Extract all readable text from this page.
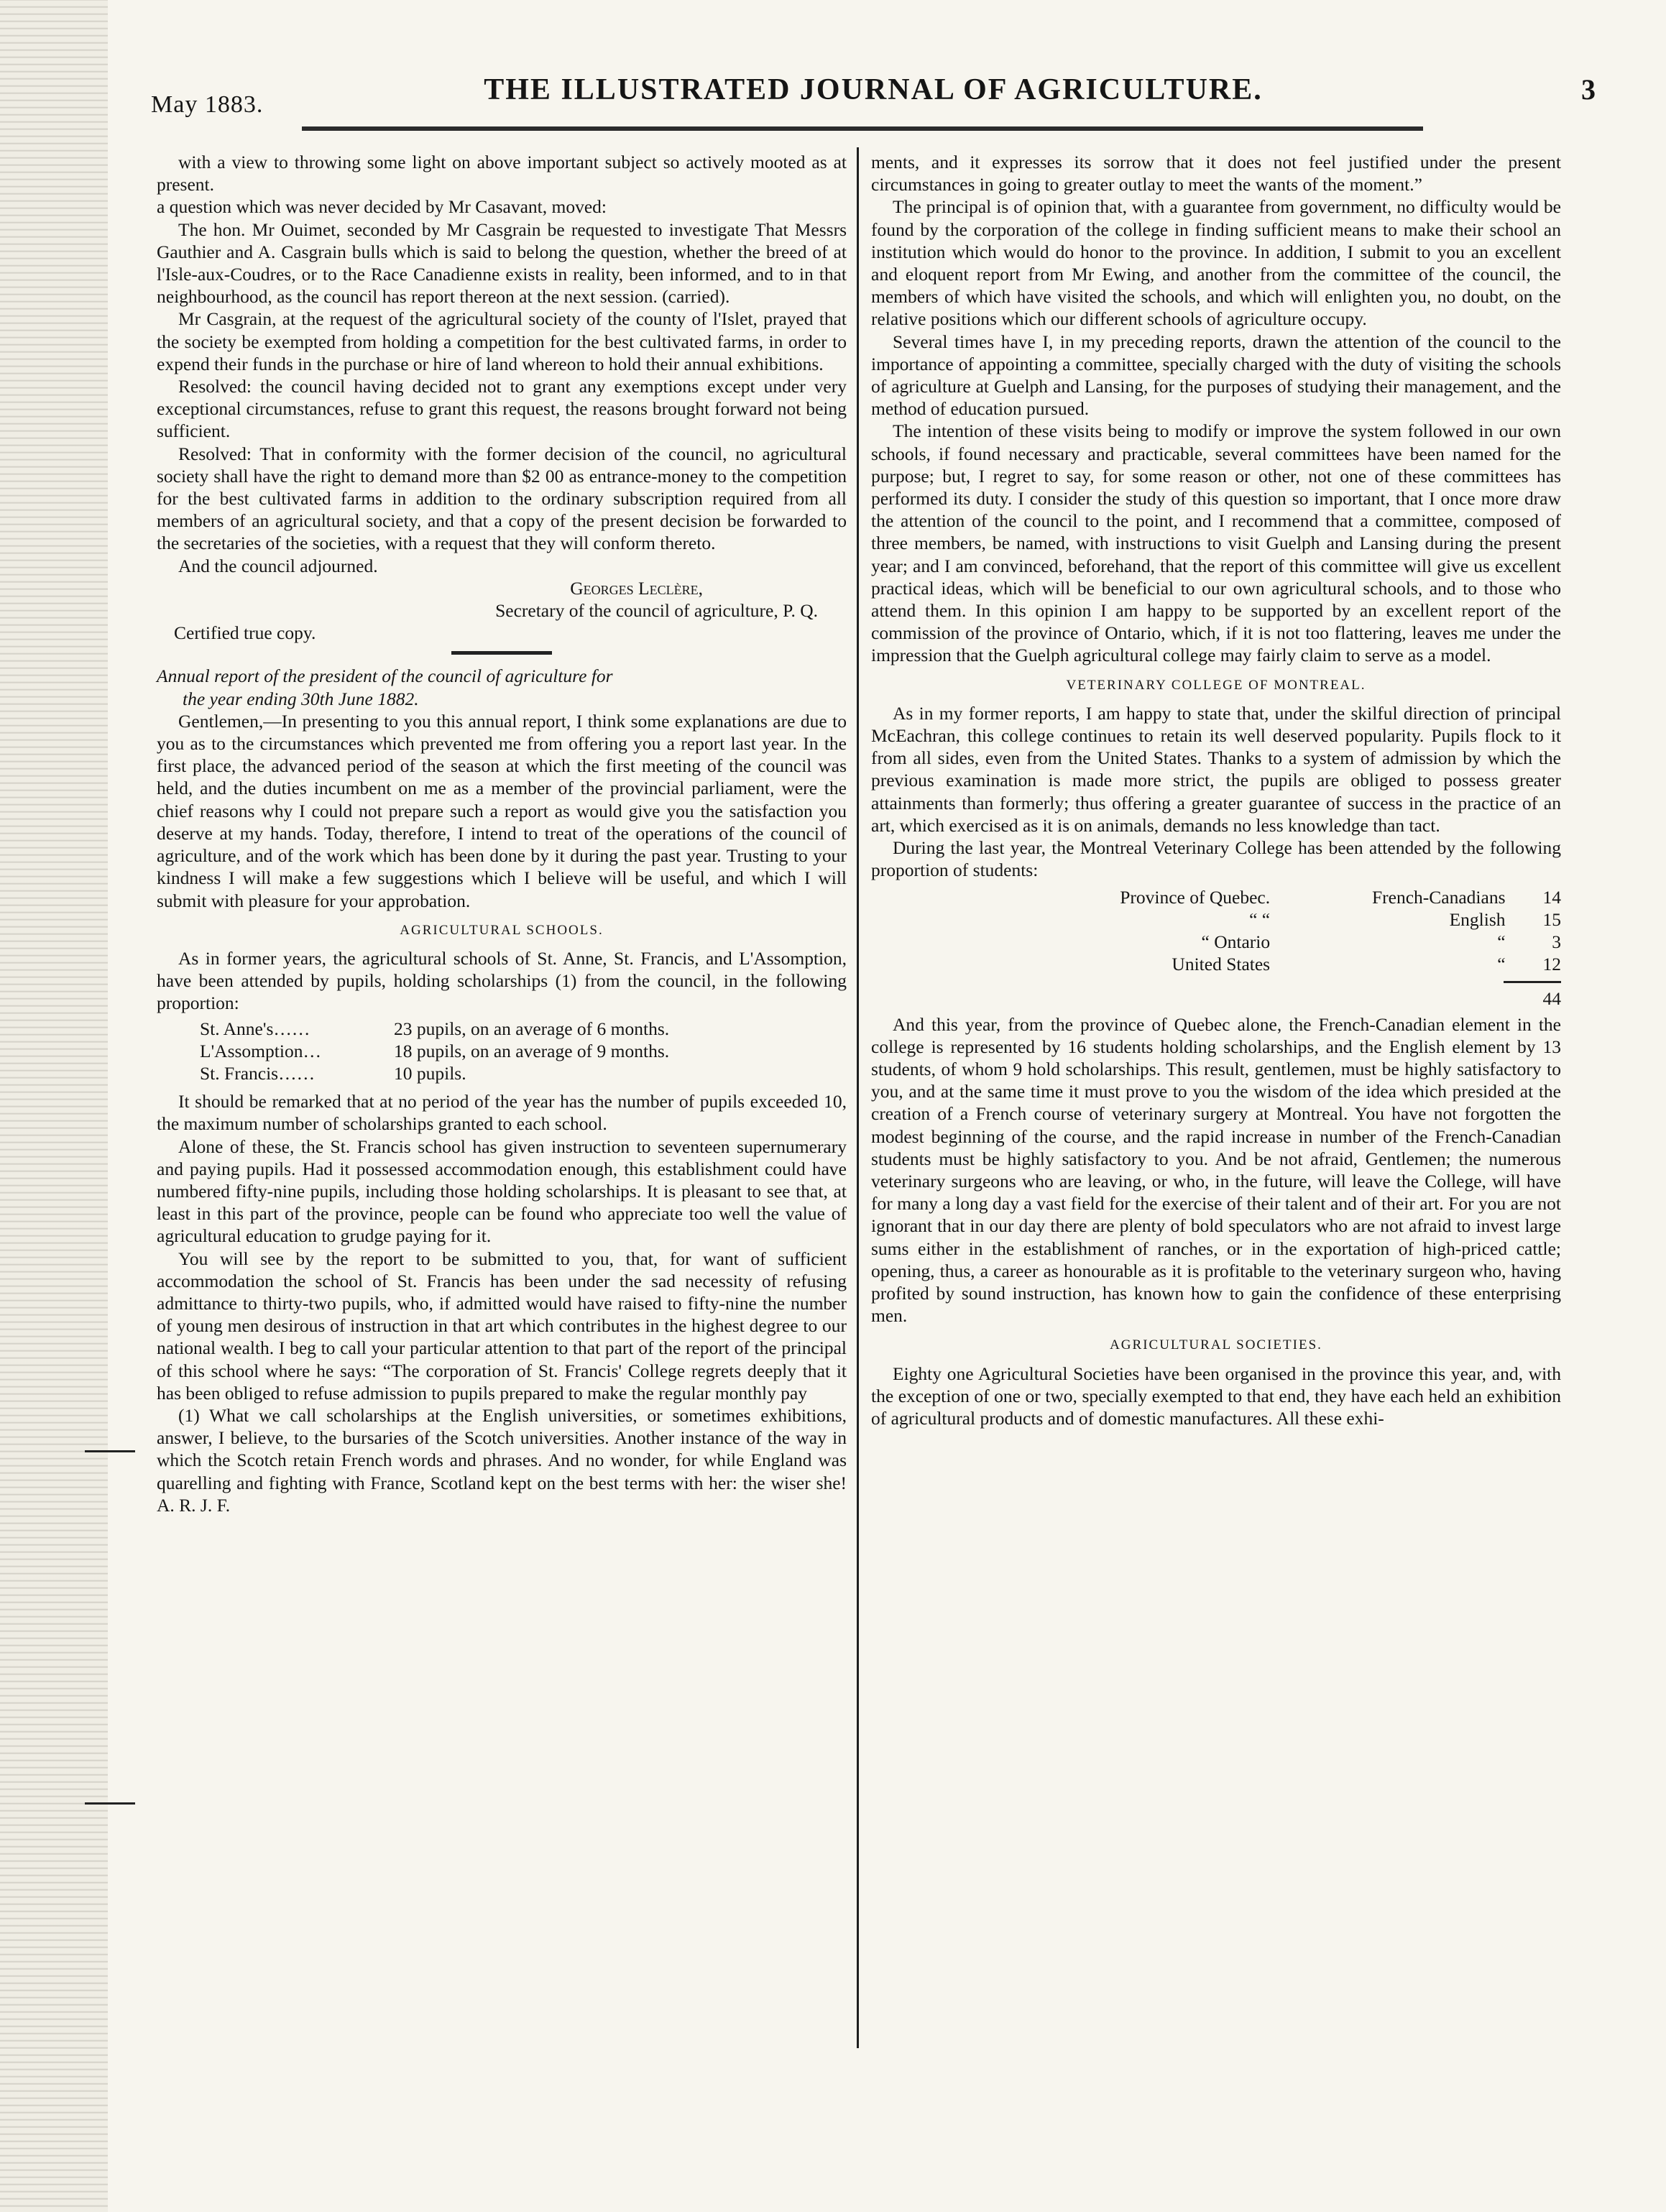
May 1883.	THE ILLUSTRATED JOURNAL OF AGRICULTURE.	3

with a view to throwing some light on above important subject so actively mooted as at present.

a question which was never decided by Mr Casavant, moved:

The hon. Mr Ouimet, seconded by Mr Casgrain be requested to investigate That Messrs Gauthier and A. Casgrain bulls which is said to belong the question, whether the breed of at l'Isle-aux-Coudres, or to the Race Canadienne exists in reality, been informed, and to in that neighbourhood, as the council has report thereon at the next session. (carried).

Mr Casgrain, at the request of the agricultural society of the county of l'Islet, prayed that the society be exempted from holding a competition for the best cultivated farms, in order to expend their funds in the purchase or hire of land whereon to hold their annual exhibitions.

Resolved: the council having decided not to grant any exemptions except under very exceptional circumstances, refuse to grant this request, the reasons brought forward not being sufficient.

Resolved: That in conformity with the former decision of the council, no agricultural society shall have the right to demand more than $2 00 as entrance-money to the competition for the best cultivated farms in addition to the ordinary subscription required from all members of an agricultural society, and that a copy of the present decision be forwarded to the secretaries of the societies, with a request that they will conform thereto.

And the council adjourned.

Georges Leclère,
Secretary of the council of agriculture, P. Q.
Certified true copy.
Annual report of the president of the council of agriculture for
the year ending 30th June 1882.

Gentlemen,—In presenting to you this annual report, I think some explanations are due to you as to the circumstances which prevented me from offering you a report last year. In the first place, the advanced period of the season at which the first meeting of the council was held, and the duties incumbent on me as a member of the provincial parliament, were the chief reasons why I could not prepare such a report as would give you the satisfaction you deserve at my hands. Today, therefore, I intend to treat of the operations of the council of agriculture, and of the work which has been done by it during the past year. Trusting to your kindness I will make a few suggestions which I believe will be useful, and which I will submit with pleasure for your approbation.

AGRICULTURAL SCHOOLS.

As in former years, the agricultural schools of St. Anne, St. Francis, and L'Assomption, have been attended by pupils, holding scholarships (1) from the council, in the following proportion:

St. Anne's……	23 pupils, on an average of 6 months.
L'Assomption…	18 pupils, on an average of 9 months.
St. Francis……	10 pupils.

It should be remarked that at no period of the year has the number of pupils exceeded 10, the maximum number of scholarships granted to each school.

Alone of these, the St. Francis school has given instruction to seventeen supernumerary and paying pupils. Had it possessed accommodation enough, this establishment could have numbered fifty-nine pupils, including those holding scholarships. It is pleasant to see that, at least in this part of the province, people can be found who appreciate too well the value of agricultural education to grudge paying for it.

You will see by the report to be submitted to you, that, for want of sufficient accommodation the school of St. Francis has been under the sad necessity of refusing admittance to thirty-two pupils, who, if admitted would have raised to fifty-nine the number of young men desirous of instruction in that art which contributes in the highest degree to our national wealth. I beg to call your particular attention to that part of the report of the principal of this school where he says: “The corporation of St. Francis' College regrets deeply that it has been obliged to refuse admission to pupils prepared to make the regular monthly pay

(1) What we call scholarships at the English universities, or sometimes exhibitions, answer, I believe, to the bursaries of the Scotch universities. Another instance of the way in which the Scotch retain French words and phrases. And no wonder, for while England was quarelling and fighting with France, Scotland kept on the best terms with her: the wiser she! A. R. J. F.

ments, and it expresses its sorrow that it does not feel justified under the present circumstances in going to greater outlay to meet the wants of the moment.”

The principal is of opinion that, with a guarantee from government, no difficulty would be found by the corporation of the college in finding sufficient means to make their school an institution which would do honor to the province. In addition, I submit to you an excellent and eloquent report from Mr Ewing, and another from the committee of the council, the members of which have visited the schools, and which will enlighten you, no doubt, on the relative positions which our different schools of agriculture occupy.

Several times have I, in my preceding reports, drawn the attention of the council to the importance of appointing a committee, specially charged with the duty of visiting the schools of agriculture at Guelph and Lansing, for the purposes of studying their management, and the method of education pursued.

The intention of these visits being to modify or improve the system followed in our own schools, if found necessary and practicable, several committees have been named for the purpose; but, I regret to say, for some reason or other, not one of these committees has performed its duty. I consider the study of this question so important, that I once more draw the attention of the council to the point, and I recommend that a committee, composed of three members, be named, with instructions to visit Guelph and Lansing during the present year; and I am convinced, beforehand, that the report of this committee will give us excellent practical ideas, which will be beneficial to our own agricultural schools, and to those who attend them. In this opinion I am happy to be supported by an excellent report of the commission of the province of Ontario, which, if it is not too flattering, leaves me under the impression that the Guelph agricultural college may fairly claim to serve as a model.

VETERINARY COLLEGE OF MONTREAL.

As in my former reports, I am happy to state that, under the skilful direction of principal McEachran, this college continues to retain its well deserved popularity. Pupils flock to it from all sides, even from the United States. Thanks to a system of admission by which the previous examination is made more strict, the pupils are obliged to possess greater attainments than formerly; thus offering a greater guarantee of success in the practice of an art, which exercised as it is on animals, demands no less knowledge than tact.

During the last year, the Montreal Veterinary College has been attended by the following proportion of students:

Province of Quebec.	French-Canadians	14
“ “	English	15
“ Ontario	“	3
United States	“	12
44

And this year, from the province of Quebec alone, the French-Canadian element in the college is represented by 16 students holding scholarships, and the English element by 13 students, of whom 9 hold scholarships. This result, gentlemen, must be highly satisfactory to you, and at the same time it must prove to you the wisdom of the idea which presided at the creation of a French course of veterinary surgery at Montreal. You have not forgotten the modest beginning of the course, and the rapid increase in number of the French-Canadian students must be highly satisfactory to you. And be not afraid, Gentlemen; the numerous veterinary surgeons who are leaving, or who, in the future, will leave the College, will have for many a long day a vast field for the exercise of their talent and of their art. For you are not ignorant that in our day there are plenty of bold speculators who are not afraid to invest large sums either in the establishment of ranches, or in the exportation of high-priced cattle; opening, thus, a career as honourable as it is profitable to the veterinary surgeon who, having profited by sound instruction, has known how to gain the confidence of these enterprising men.

AGRICULTURAL SOCIETIES.

Eighty one Agricultural Societies have been organised in the province this year, and, with the exception of one or two, specially exempted to that end, they have each held an exhibition of agricultural products and of domestic manufactures. All these exhi-
